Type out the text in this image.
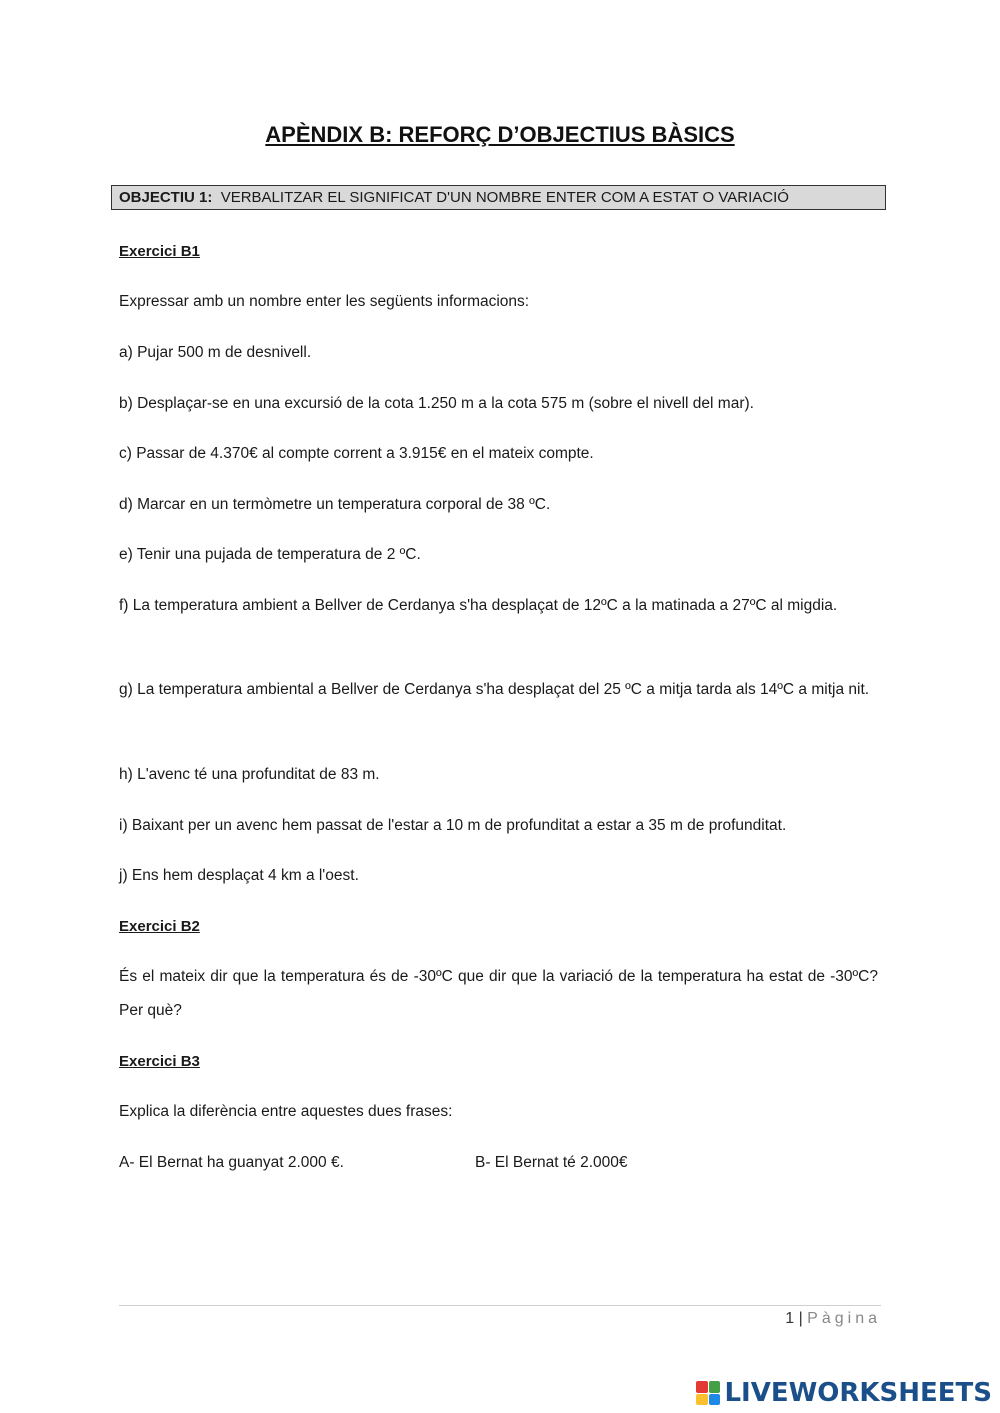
APÈNDIX B: REFORÇ D’OBJECTIUS BÀSICS
OBJECTIU 1: VERBALITZAR EL SIGNIFICAT D'UN NOMBRE ENTER COM A ESTAT O VARIACIÓ
Exercici B1
Expressar amb un nombre enter les següents informacions:
a) Pujar 500 m de desnivell.
b) Desplaçar-se en una excursió de la cota 1.250 m a la cota 575 m (sobre el nivell del mar).
c) Passar de 4.370€ al compte corrent a 3.915€ en el mateix compte.
d) Marcar en un termòmetre un temperatura corporal de 38 ºC.
e) Tenir una pujada de temperatura de 2 ºC.
f) La temperatura ambient a Bellver de Cerdanya s'ha desplaçat de 12ºC a la matinada a 27ºC al migdia.
g) La temperatura ambiental a Bellver de Cerdanya s'ha desplaçat del 25 ºC a mitja tarda als 14ºC a mitja nit.
h) L'avenc té una profunditat de 83 m.
i) Baixant per un avenc hem passat de l'estar a 10 m de profunditat a estar a 35 m de profunditat.
j) Ens hem desplaçat 4 km a l'oest.
Exercici B2
És el mateix dir que la temperatura és de -30ºC que dir que la variació de la temperatura ha estat de -30ºC? Per què?
Exercici B3
Explica la diferència entre aquestes dues frases:
A- El Bernat ha guanyat 2.000 €.	B- El Bernat té 2.000€
1 | Pàgina
LIVEWORKSHEETS
